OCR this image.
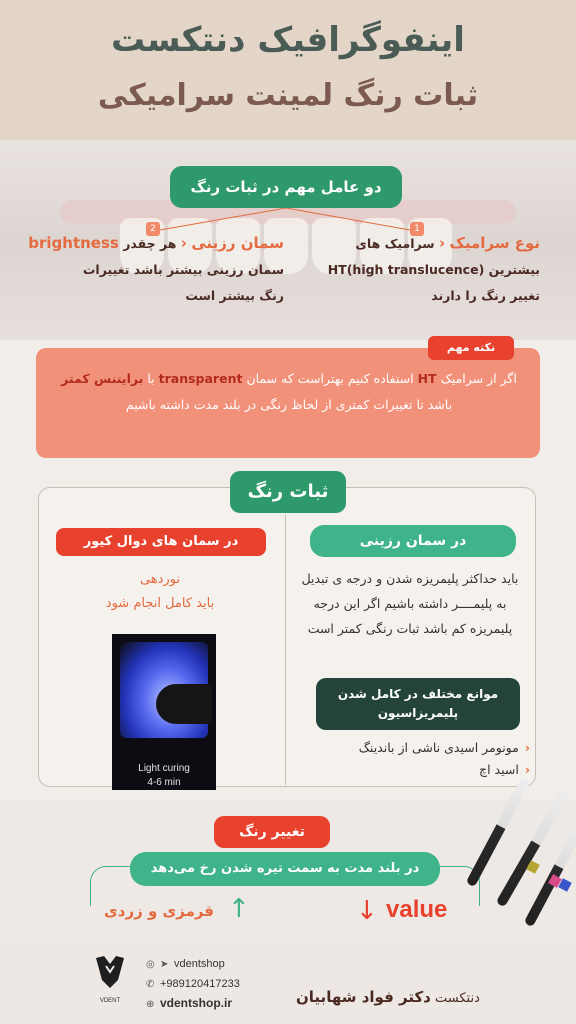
اینفوگرافیک دنتکست
ثبات رنگ لمینت سرامیکی
دو عامل مهم در ثبات رنگ
1
2
نوع سرامیک ‹ سرامیک های
بیشترین HT(high translucence)
تغییر رنگ را دارند
سمان رزینی ‹ هر چقدر brightness
سمان رزینی بیشتر باشد تغییرات
رنگ بیشتر است
نکته مهم
اگر از سرامیک HT استفاده کنیم بهتراست که سمان transparent با برایتنس کمتر باشد تا تغییرات کمتری از لحاظ رنگی در بلند مدت داشته باشیم
ثبات رنگ
در سمان رزینی
باید حداکثر پلیمریزه شدن و درجه ی تبدیل به پلیمــــر داشته باشیم اگر این درجه پلیمریزه کم باشد ثبات رنگی کمتر است
موانع مختلف در کامل شدن پلیمریزاسیون
‹مونومر اسیدی ناشی از باندینگ
‹اسید اچ
در سمان های دوال کیور
نوردهی
باید کامل انجام شود
Light curing
4-6 min
تغییر رنگ
در بلند مدت به سمت تیره شدن رخ می‌دهد
↓ value
↑
قرمزی و زردی
VDENT
◎ ➤ vdentshop
✆ +989120417233
⊕ vdentshop.ir	دنتکست دکتر فواد شهابیان
